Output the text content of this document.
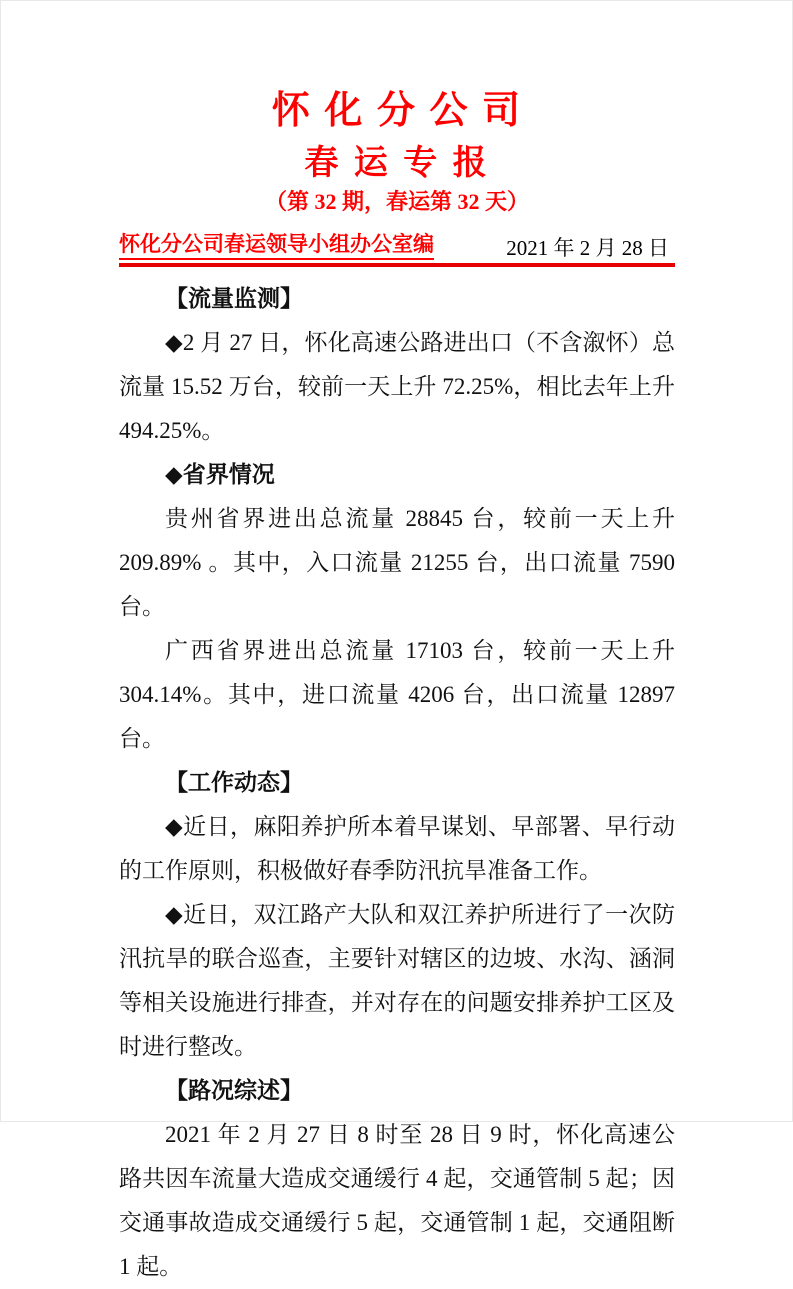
怀 化 分 公 司
春 运 专 报
（第 32 期，春运第 32 天）
怀化分公司春运领导小组办公室编	2021 年 2 月 28 日

【流量监测】

◆2 月 27 日，怀化高速公路进出口（不含溆怀）总流量 15.52 万台，较前一天上升 72.25%，相比去年上升 494.25%。

◆省界情况

贵州省界进出总流量 28845 台，较前一天上升 209.89% 。其中，入口流量 21255 台，出口流量 7590 台。

广西省界进出总流量 17103 台，较前一天上升 304.14%。其中，进口流量 4206 台，出口流量 12897 台。

【工作动态】

◆近日，麻阳养护所本着早谋划、早部署、早行动的工作原则，积极做好春季防汛抗旱准备工作。

◆近日，双江路产大队和双江养护所进行了一次防汛抗旱的联合巡查，主要针对辖区的边坡、水沟、涵洞等相关设施进行排查，并对存在的问题安排养护工区及时进行整改。

【路况综述】

2021 年 2 月 27 日 8 时至 28 日 9 时，怀化高速公路共因车流量大造成交通缓行 4 起，交通管制 5 起；因交通事故造成交通缓行 5 起，交通管制 1 起，交通阻断 1 起。
